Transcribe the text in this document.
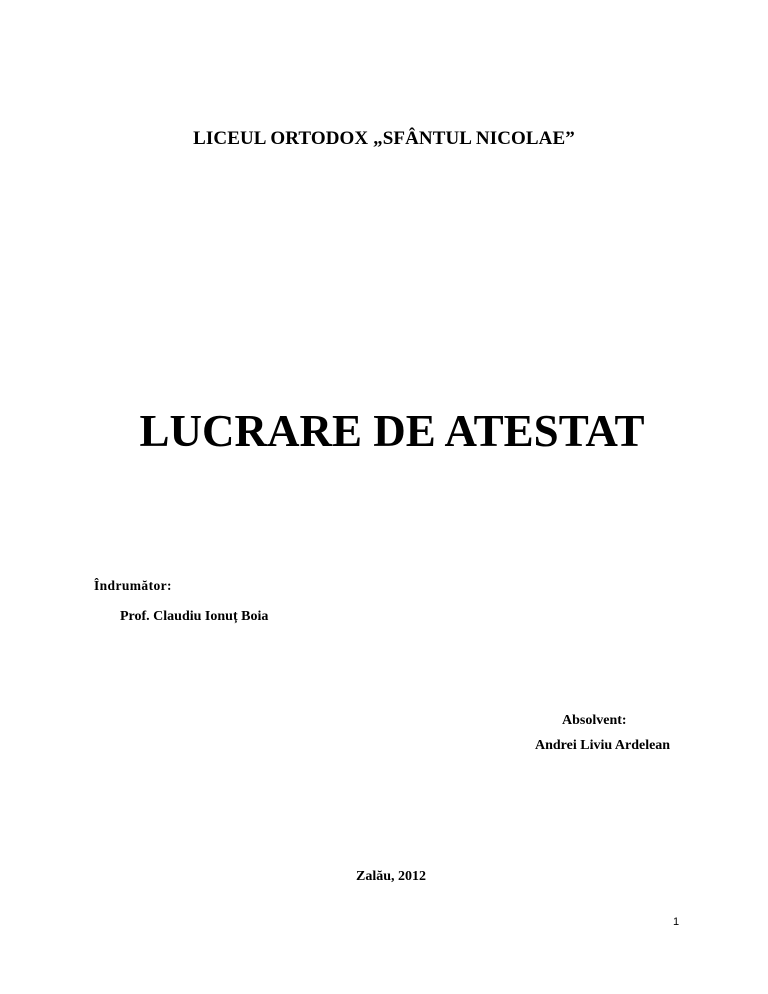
LICEUL ORTODOX „SFÂNTUL NICOLAE”
LUCRARE DE ATESTAT
Îndrumător:
Prof. Claudiu Ionuț Boia
Absolvent:
Andrei Liviu Ardelean
Zalău, 2012
1
